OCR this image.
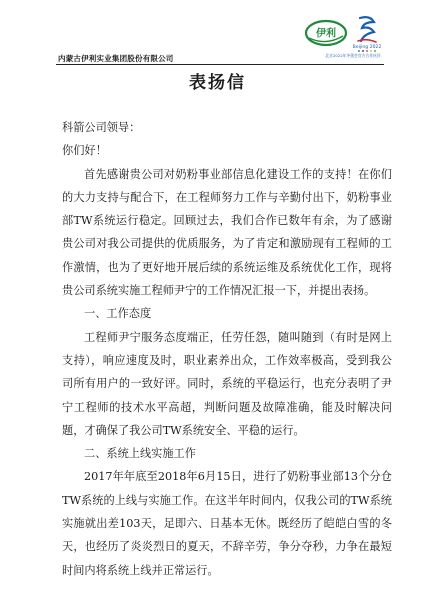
内蒙古伊利实业集团股份有限公司
伊利
Beijing 2022
北京2022年冬奥会官方合作伙伴
表扬信

科箭公司领导：

你们好！

首先感谢贵公司对奶粉事业部信息化建设工作的支持！在你们的大力支持与配合下，在工程师努力工作与辛勤付出下，奶粉事业部TW系统运行稳定。回顾过去，我们合作已数年有余，为了感谢贵公司对我公司提供的优质服务，为了肯定和激励现有工程师的工作激情，也为了更好地开展后续的系统运维及系统优化工作，现将贵公司系统实施工程师尹宁的工作情况汇报一下，并提出表扬。

一、工作态度

工程师尹宁服务态度端正，任劳任怨，随叫随到（有时是网上支持），响应速度及时，职业素养出众，工作效率极高，受到我公司所有用户的一致好评。同时，系统的平稳运行，也充分表明了尹宁工程师的技术水平高超，判断问题及故障准确，能及时解决问题，才确保了我公司TW系统安全、平稳的运行。

二、系统上线实施工作

2017年年底至2018年6月15日，进行了奶粉事业部13个分仓TW系统的上线与实施工作。在这半年时间内，仅我公司的TW系统实施就出差103天，足即六、日基本无休。既经历了皑皑白雪的冬天，也经历了炎炎烈日的夏天，不辞辛劳，争分夺秒，力争在最短时间内将系统上线并正常运行。
